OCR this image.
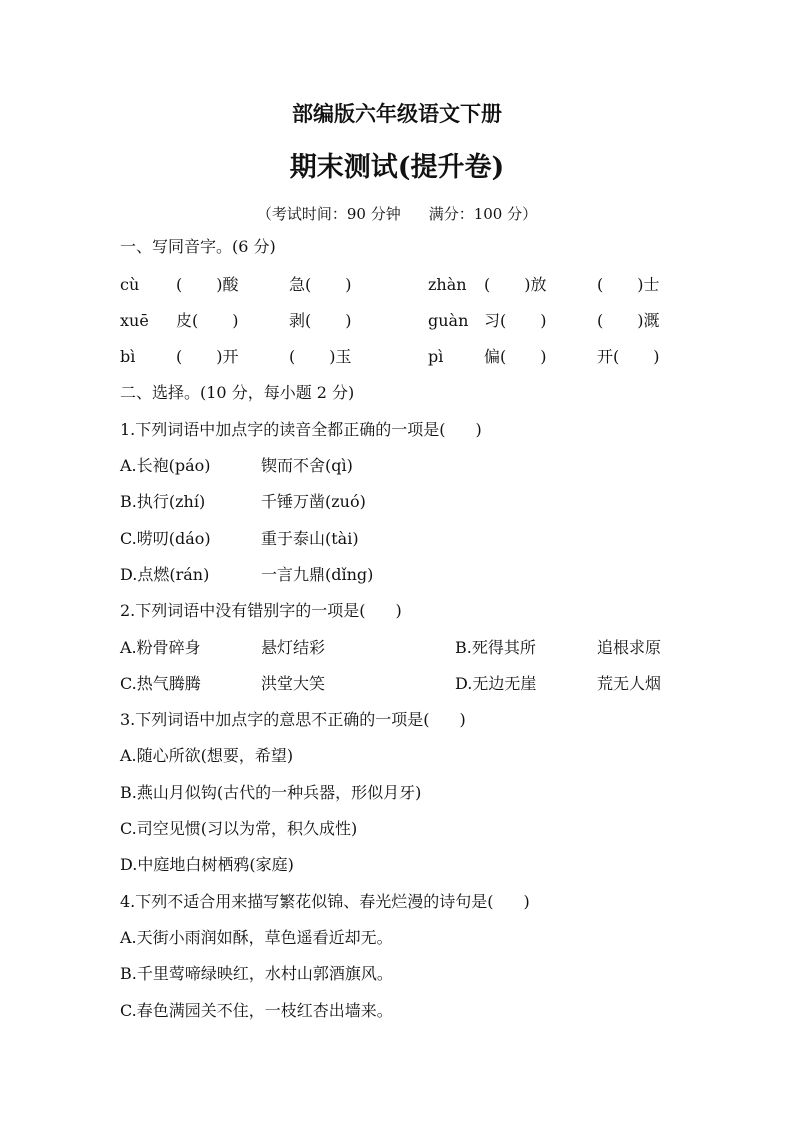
部编版六年级语文下册
期末测试(提升卷)
（考试时间：90 分钟 满分：100 分）
一、写同音字。(6 分)
cù ( )酸	急( )	zhàn ( )放	( )士
xuē 皮( )	剥( )	guàn 习( )	( )溉
bì	( )开	( )玉	pì	偏( )	开( )
二、选择。(10 分，每小题 2 分)
1.下列词语中加点字的读音全都正确的一项是( )
A.长袍(páo)	锲而不舍(qì)
B.执行(zhí)	千锤万凿(zuó)
C.唠叨(dáo)	重于泰山(tài)
D.点燃(rán)	一言九鼎(dǐng)
2.下列词语中没有错别字的一项是( )
A.粉骨碎身	悬灯结彩	B.死得其所	追根求原
C.热气腾腾	洪堂大笑	D.无边无崖	荒无人烟
3.下列词语中加点字的意思不正确的一项是( )
A.随心所欲(想要，希望)
B.燕山月似钩(古代的一种兵器，形似月牙)
C.司空见惯(习以为常，积久成性)
D.中庭地白树栖鸦(家庭)
4.下列不适合用来描写繁花似锦、春光烂漫的诗句是( )
A.天街小雨润如酥，草色遥看近却无。
B.千里莺啼绿映红，水村山郭酒旗风。
C.春色满园关不住，一枝红杏出墙来。
